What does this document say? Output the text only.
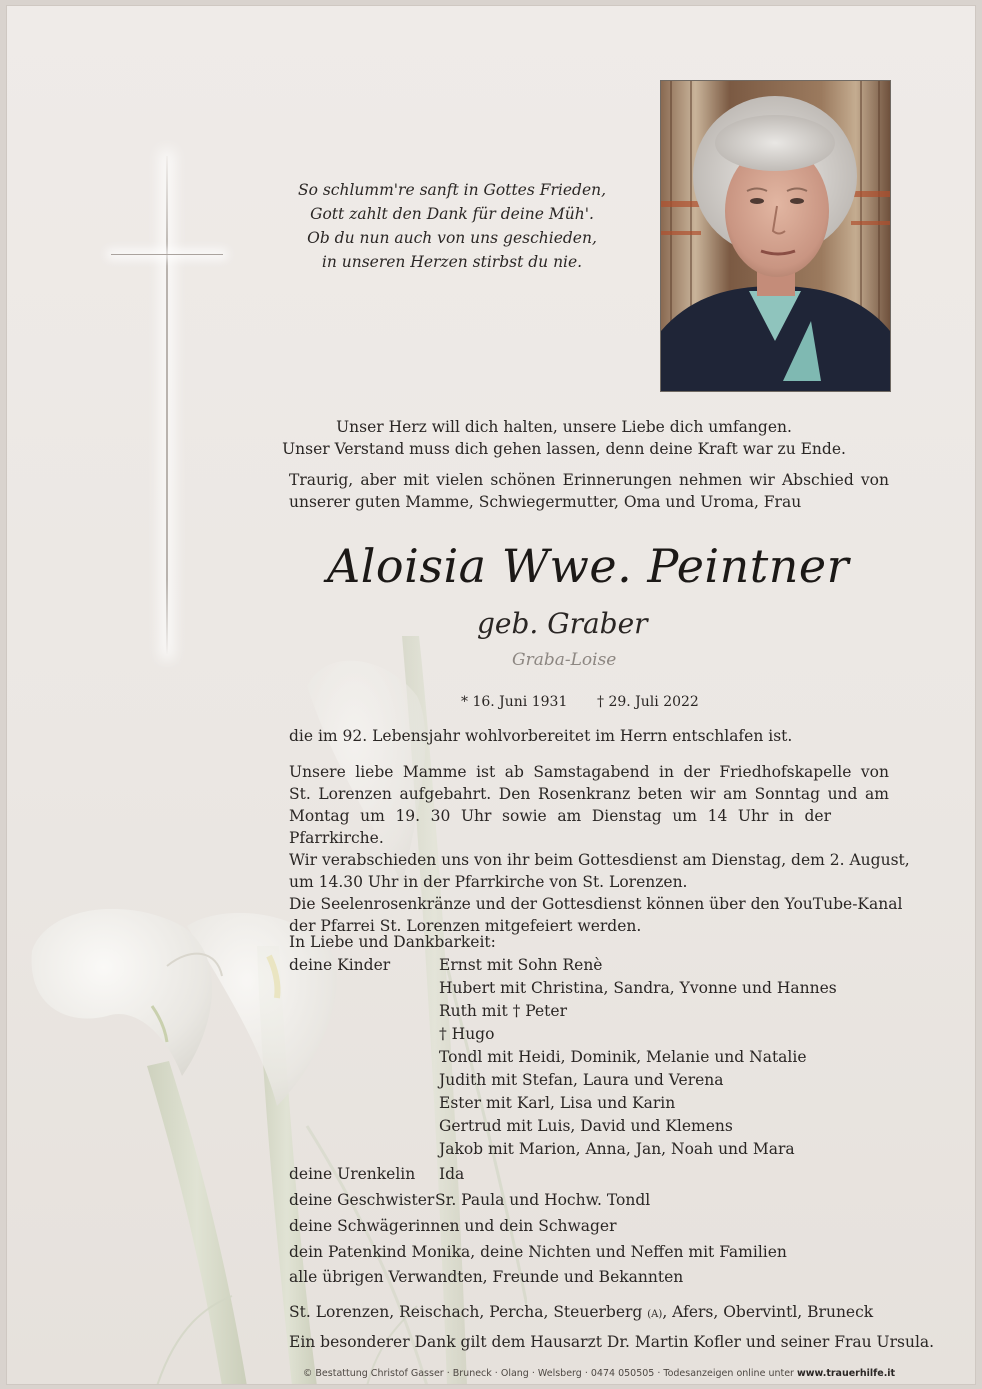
So schlumm're sanft in Gottes Frieden,
Gott zahlt den Dank für deine Müh'.
Ob du nun auch von uns geschieden,
in unseren Herzen stirbst du nie.
Unser Herz will dich halten, unsere Liebe dich umfangen.
Unser Verstand muss dich gehen lassen, denn deine Kraft war zu Ende.
Traurig, aber mit vielen schönen Erinnerungen nehmen wir Abschied von
unserer guten Mamme, Schwiegermutter, Oma und Uroma, Frau
Aloisia Wwe. Peintner
geb. Graber
Graba-Loise
* 16. Juni 1931 † 29. Juli 2022
die im 92. Lebensjahr wohlvorbereitet im Herrn entschlafen ist.
Unsere liebe Mamme ist ab Samstagabend in der Friedhofskapelle von
St. Lorenzen aufgebahrt. Den Rosenkranz beten wir am Sonntag und am
Montag um 19. 30 Uhr sowie am Dienstag um 14 Uhr in der Pfarrkirche.
Wir verabschieden uns von ihr beim Gottesdienst am Dienstag, dem 2. August,
um 14.30 Uhr in der Pfarrkirche von St. Lorenzen.
Die Seelenrosenkränze und der Gottesdienst können über den YouTube-Kanal
der Pfarrei St. Lorenzen mitgefeiert werden.
In Liebe und Dankbarkeit:
deine Kinder	Ernst mit Sohn Renè
Hubert mit Christina, Sandra, Yvonne und Hannes
Ruth mit † Peter
† Hugo
Tondl mit Heidi, Dominik, Melanie und Natalie
Judith mit Stefan, Laura und Verena
Ester mit Karl, Lisa und Karin
Gertrud mit Luis, David und Klemens
Jakob mit Marion, Anna, Jan, Noah und Mara
deine Urenkelin Ida
deine Geschwister Sr. Paula und Hochw. Tondl
deine Schwägerinnen und dein Schwager
dein Patenkind Monika, deine Nichten und Neffen mit Familien
alle übrigen Verwandten, Freunde und Bekannten
St. Lorenzen, Reischach, Percha, Steuerberg (A), Afers, Obervintl, Bruneck
Ein besonderer Dank gilt dem Hausarzt Dr. Martin Kofler und seiner Frau Ursula.
© Bestattung Christof Gasser · Bruneck · Olang · Welsberg · 0474 050505 · Todesanzeigen online unter www.trauerhilfe.it
